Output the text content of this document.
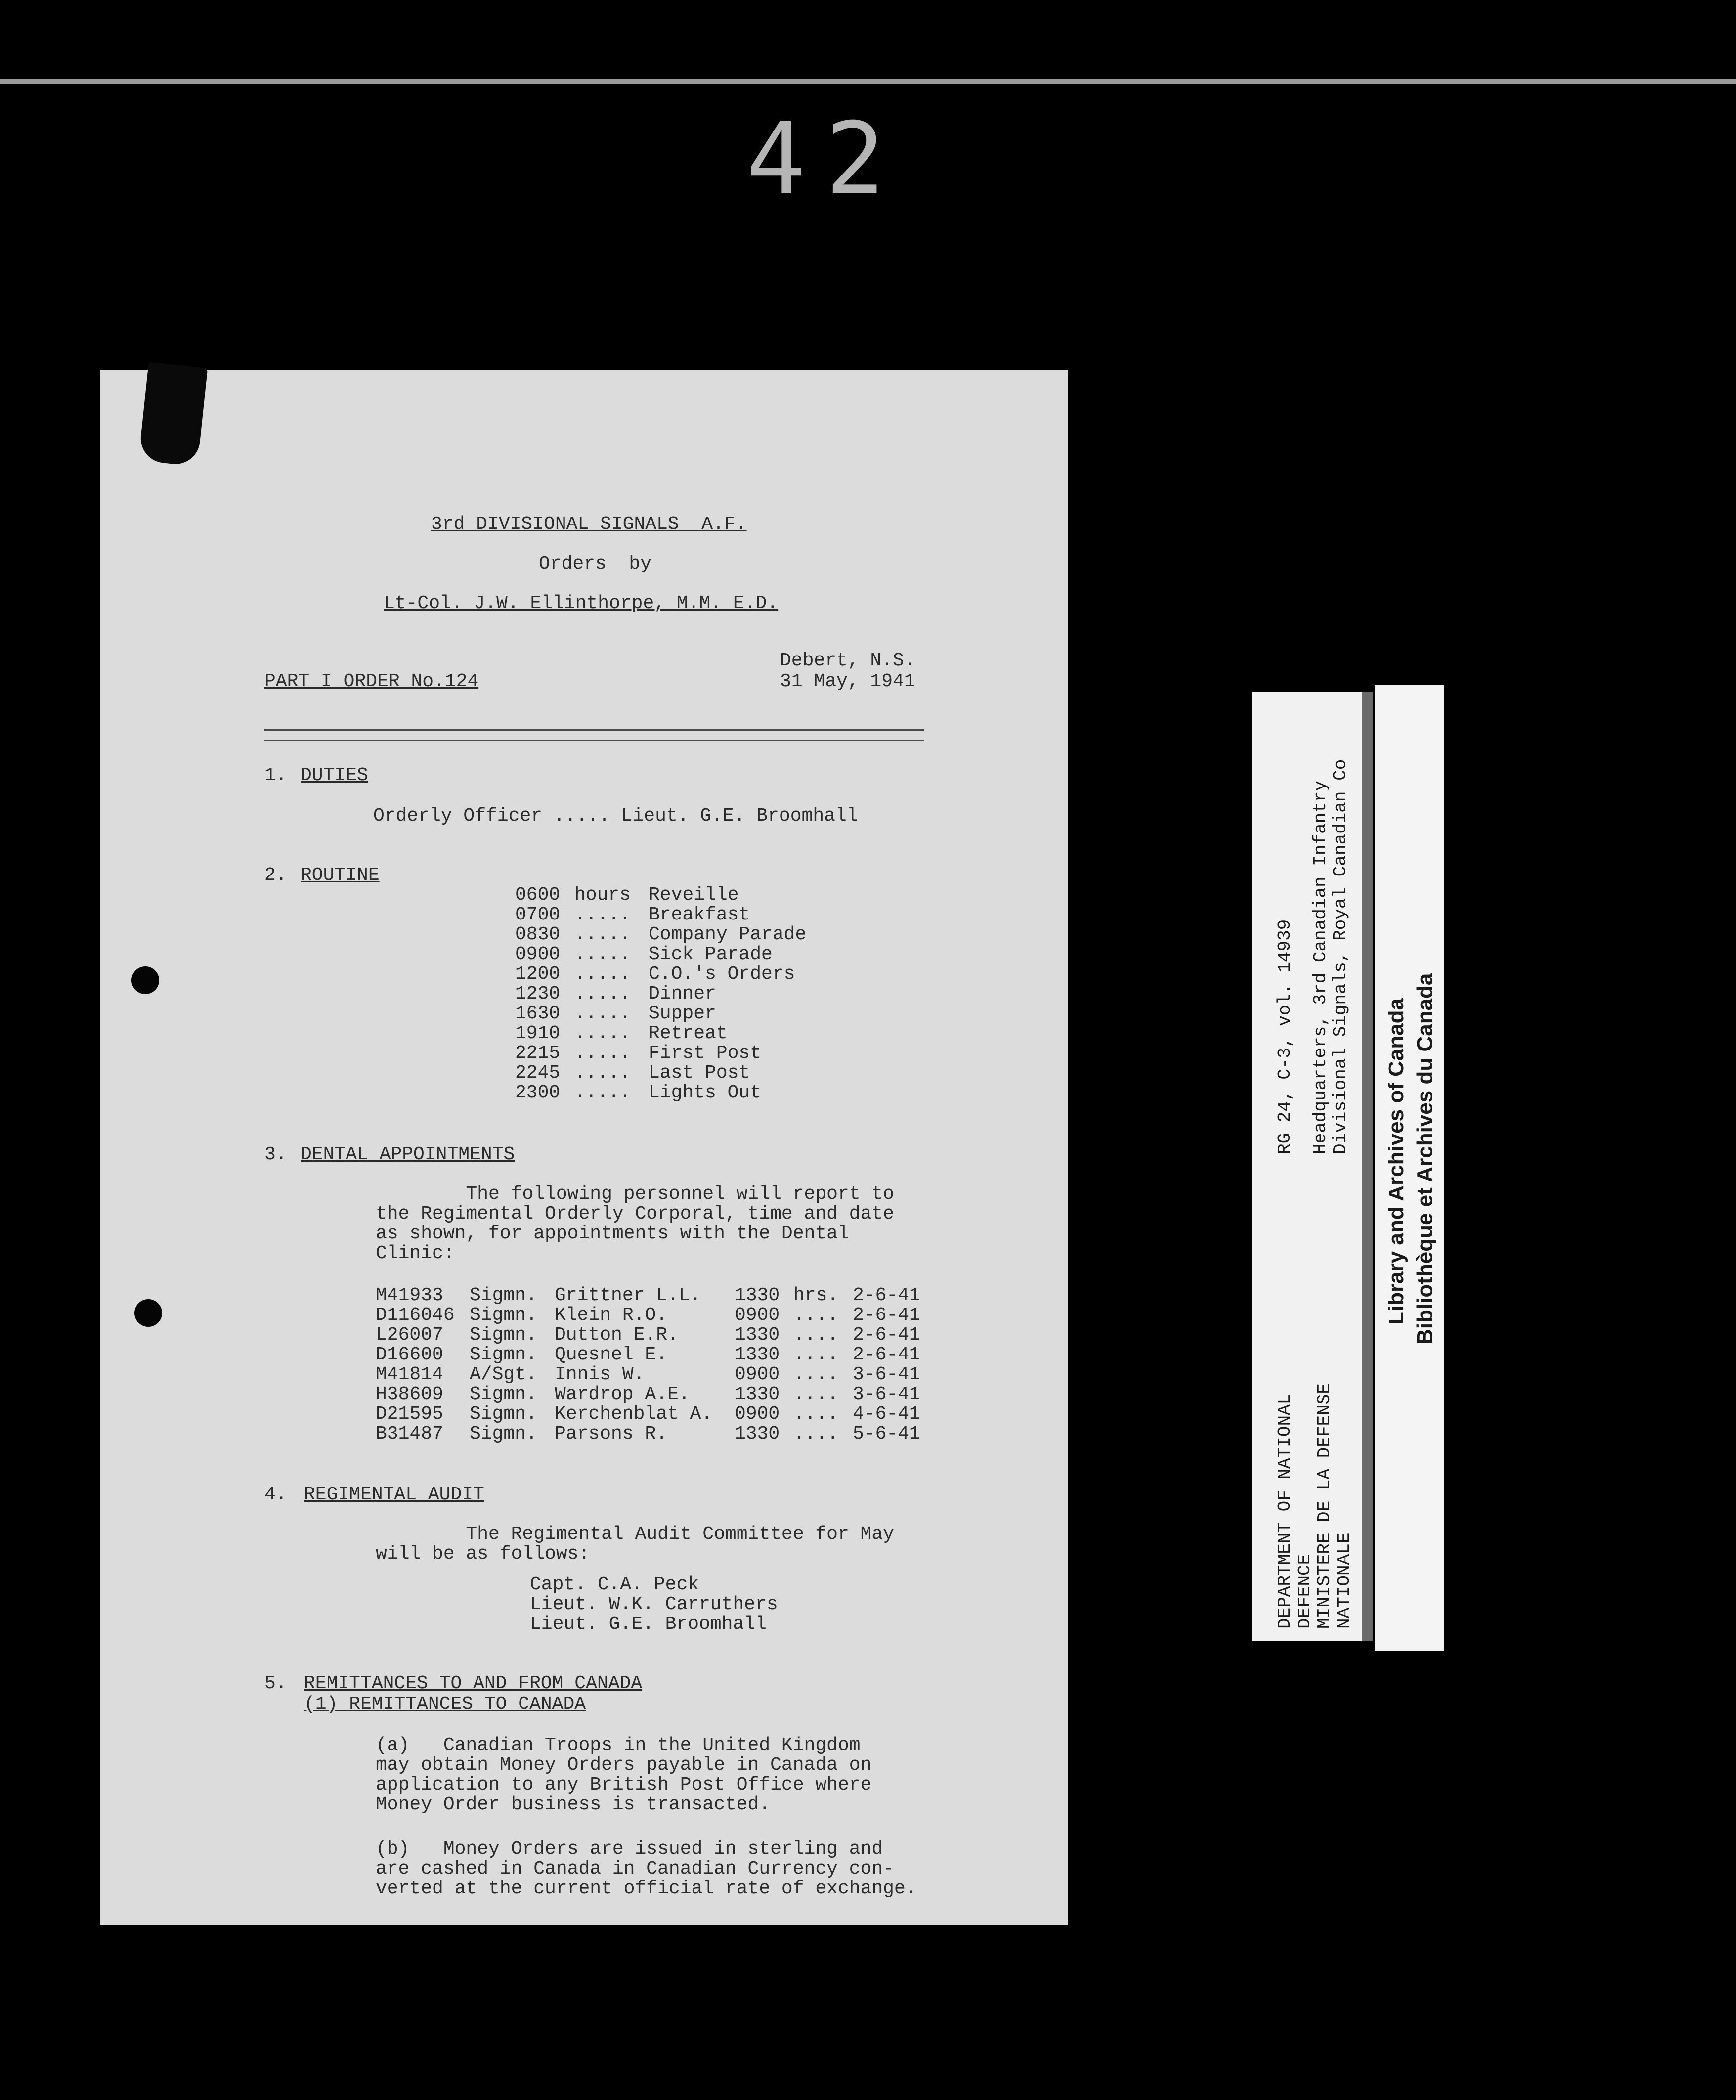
42
3rd DIVISIONAL SIGNALS  A.F.
Orders  by
Lt-Col. J.W. Ellinthorpe, M.M. E.D.
Debert, N.S.
PART I ORDER No.124	31 May, 1941
1. DUTIES
Orderly Officer ..... Lieut. G.E. Broomhall
2. ROUTINE
0600 hours Reveille
0700 ..... Breakfast
0830 ..... Company Parade
0900 ..... Sick Parade
1200 ..... C.O.'s Orders
1230 ..... Dinner
1630 ..... Supper
1910 ..... Retreat
2215 ..... First Post
2245 ..... Last Post
2300 ..... Lights Out
3. DENTAL APPOINTMENTS
The following personnel will report to
the Regimental Orderly Corporal, time and date
as shown, for appointments with the Dental
Clinic:
M41933 Sigmn. Grittner L.L. 1330 hrs. 2-6-41
D116046 Sigmn. Klein R.O.	0900 .... 2-6-41
L26007 Sigmn. Dutton E.R.	1330 .... 2-6-41
D16600 Sigmn. Quesnel E.	1330 .... 2-6-41
M41814 A/Sgt. Innis W.	0900 .... 3-6-41
H38609 Sigmn. Wardrop A.E. 1330 .... 3-6-41
D21595 Sigmn. Kerchenblat A. 0900 .... 4-6-41
B31487 Sigmn. Parsons R.	1330 .... 5-6-41
4. REGIMENTAL AUDIT
The Regimental Audit Committee for May
will be as follows:
Capt. C.A. Peck
Lieut. W.K. Carruthers
Lieut. G.E. Broomhall
5. REMITTANCES TO AND FROM CANADA
(1) REMITTANCES TO CANADA
(a)   Canadian Troops in the United Kingdom
may obtain Money Orders payable in Canada on
application to any British Post Office where
Money Order business is transacted.
(b)   Money Orders are issued in sterling and
are cashed in Canada in Canadian Currency con-
verted at the current official rate of exchange.
RG 24, C-3, vol. 14939 Headquarters, 3rd Canadian Infantry Divisional Signals, Royal Canadian Co
DEPARTMENT OF NATIONAL DEFENCE MINISTERE DE LA DEFENSE NATIONALE
Library and Archives of Canada Bibliothèque et Archives du Canada
